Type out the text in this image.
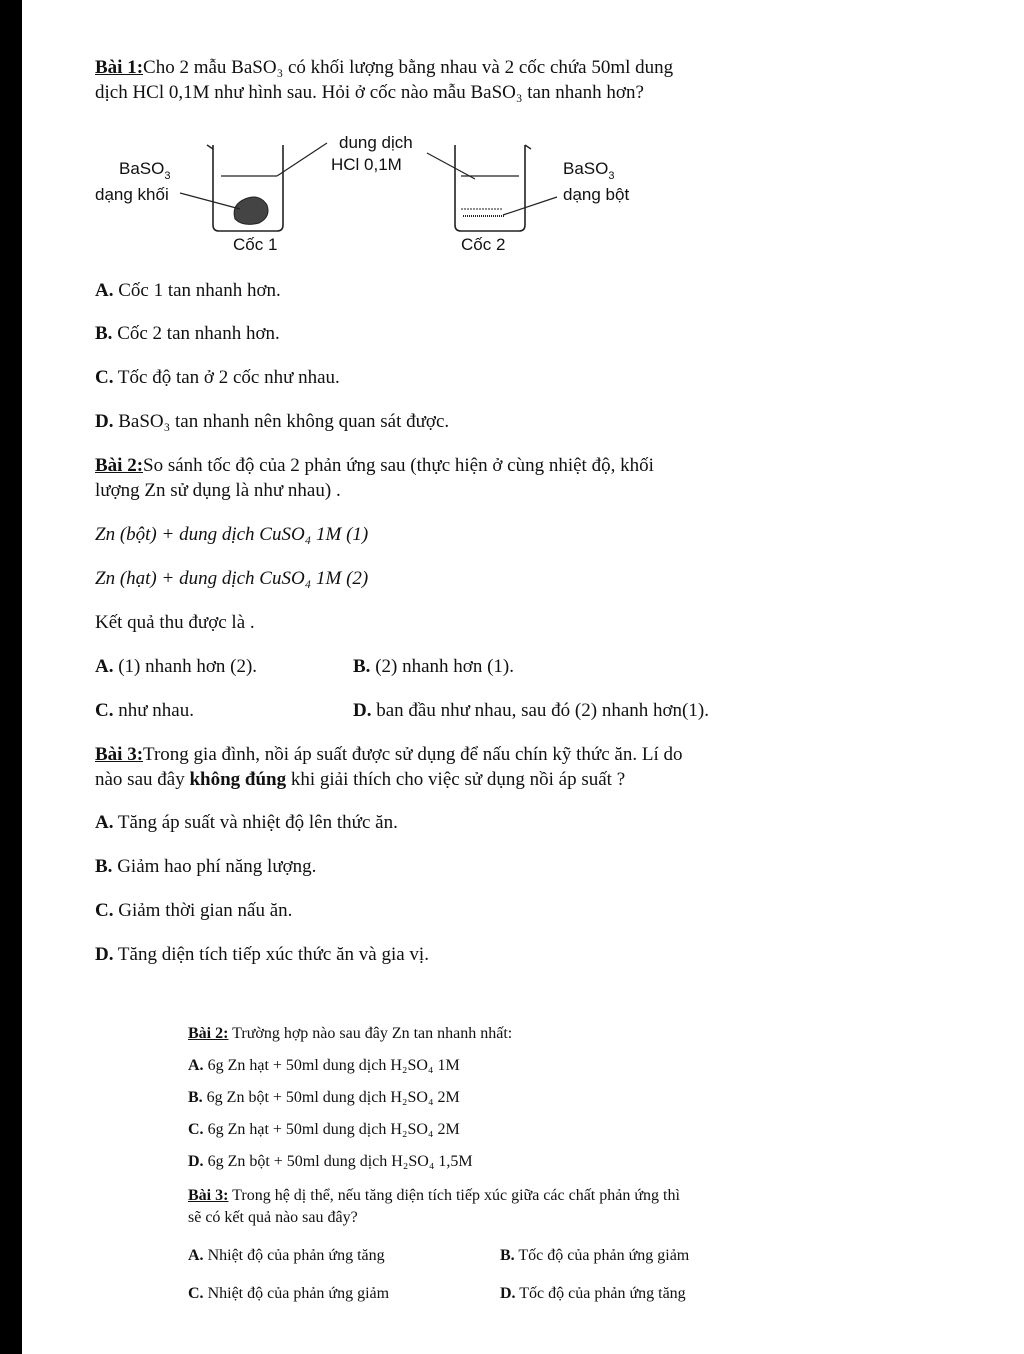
Bài 1:Cho 2 mẫu BaSO₃ có khối lượng bằng nhau và 2 cốc chứa 50ml dung

dịch HCl 0,1M như hình sau. Hỏi ở cốc nào mẫu BaSO₃ tan nhanh hơn?

BaSO$_3$
dạng khối
Cốc 1
dung dịch
HCl 0,1M	BaSO$_3$
dạng bột
Cốc 2

A. Cốc 1 tan nhanh hơn.

B. Cốc 2 tan nhanh hơn.

C. Tốc độ tan ở 2 cốc như nhau.

D. BaSO₃ tan nhanh nên không quan sát được.

Bài 2:So sánh tốc độ của 2 phản ứng sau (thực hiện ở cùng nhiệt độ, khối

lượng Zn sử dụng là như nhau) .

Zn (bột) + dung dịch CuSO₄ 1M (1)

Zn (hạt) + dung dịch CuSO₄ 1M (2)

Kết quả thu được là .

A. (1) nhanh hơn (2).	B. (2) nhanh hơn (1).
C. như nhau.	D. ban đầu như nhau, sau đó (2) nhanh hơn(1).

Bài 3:Trong gia đình, nồi áp suất được sử dụng để nấu chín kỹ thức ăn. Lí do

nào sau đây không đúng khi giải thích cho việc sử dụng nồi áp suất ?

A. Tăng áp suất và nhiệt độ lên thức ăn.

B. Giảm hao phí năng lượng.

C. Giảm thời gian nấu ăn.

D. Tăng diện tích tiếp xúc thức ăn và gia vị.

Bài 2: Trường hợp nào sau đây Zn tan nhanh nhất:

A. 6g Zn hạt + 50ml dung dịch H₂SO₄ 1M

B. 6g Zn bột + 50ml dung dịch H₂SO₄ 2M

C. 6g Zn hạt + 50ml dung dịch H₂SO₄ 2M

D. 6g Zn bột + 50ml dung dịch H₂SO₄ 1,5M

Bài 3: Trong hệ dị thể, nếu tăng diện tích tiếp xúc giữa các chất phản ứng thì

sẽ có kết quả nào sau đây?

A. Nhiệt độ của phản ứng tăng	B. Tốc độ của phản ứng giảm
C. Nhiệt độ của phản ứng giảm	D. Tốc độ của phản ứng tăng
